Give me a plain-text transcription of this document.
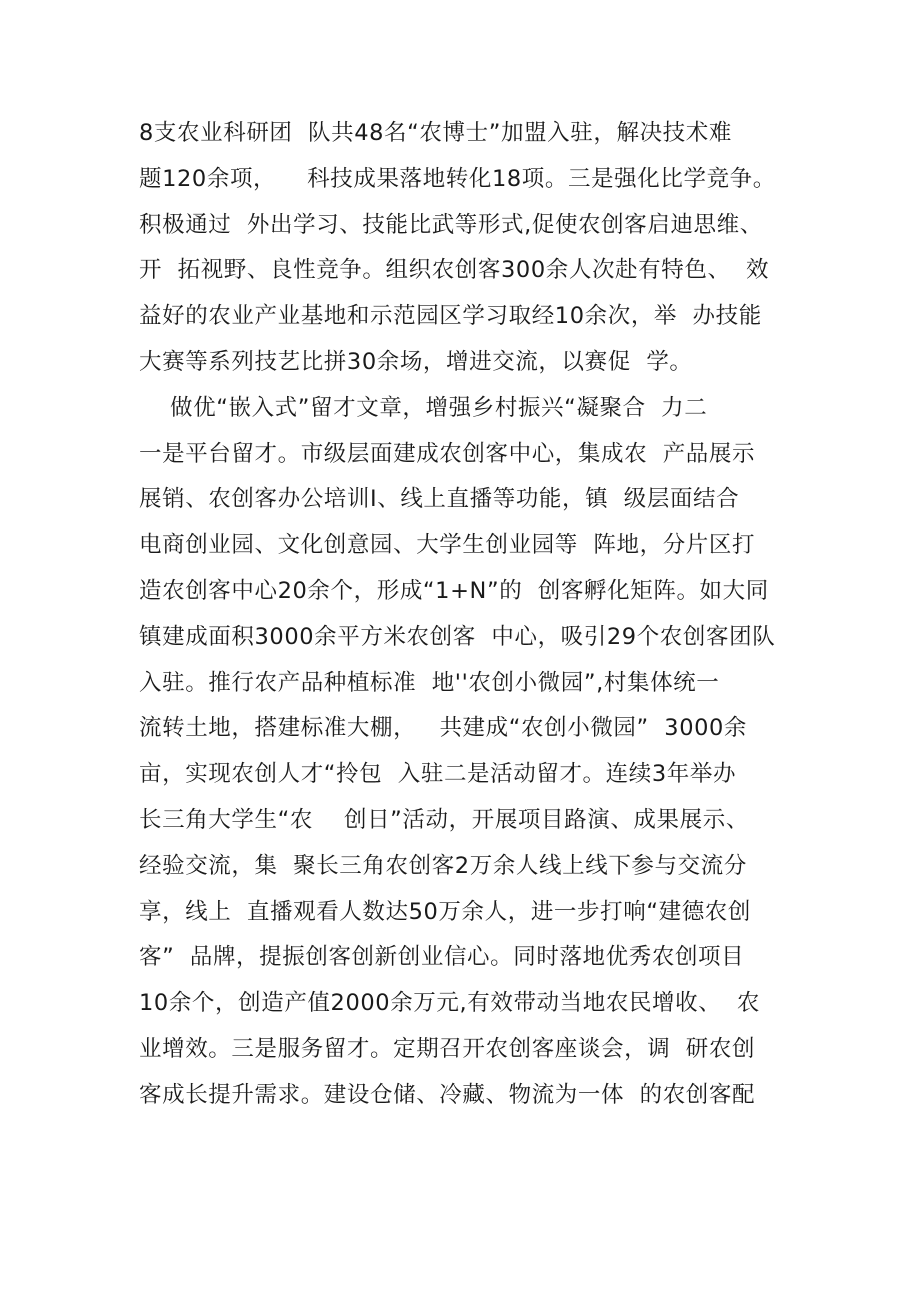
8支农业科研团  队共48名“农博士”加盟入驻，解决技术难
题120余项，    科技成果落地转化18项。三是强化比学竞争。
积极通过  外出学习、技能比武等形式,促使农创客启迪思维、
开  拓视野、良性竞争。组织农创客300余人次赴有特色、  效
益好的农业产业基地和示范园区学习取经10余次，举  办技能
大赛等系列技艺比拼30余场，增进交流，以赛促  学。
做优“嵌入式”留才文章，增强乡村振兴“凝聚合  力二
一是平台留才。市级层面建成农创客中心，集成农  产品展示
展销、农创客办公培训I、线上直播等功能，镇  级层面结合
电商创业园、文化创意园、大学生创业园等  阵地，分片区打
造农创客中心20余个，形成“1+N”的  创客孵化矩阵。如大同
镇建成面积3000余平方米农创客  中心，吸引29个农创客团队
入驻。推行农产品种植标准  地''农创小微园”,村集体统一
流转土地，搭建标准大棚，   共建成“农创小微园”  3000余
亩，实现农创人才“拎包  入驻二是活动留才。连续3年举办
长三角大学生“农    创日”活动，开展项目路演、成果展示、
经验交流，集  聚长三角农创客2万余人线上线下参与交流分
享，线上  直播观看人数达50万余人，进一步打响“建德农创
客”  品牌，提振创客创新创业信心。同时落地优秀农创项目
10余个，创造产值2000余万元,有效带动当地农民增收、  农
业增效。三是服务留才。定期召开农创客座谈会，调  研农创
客成长提升需求。建设仓储、冷藏、物流为一体  的农创客配
